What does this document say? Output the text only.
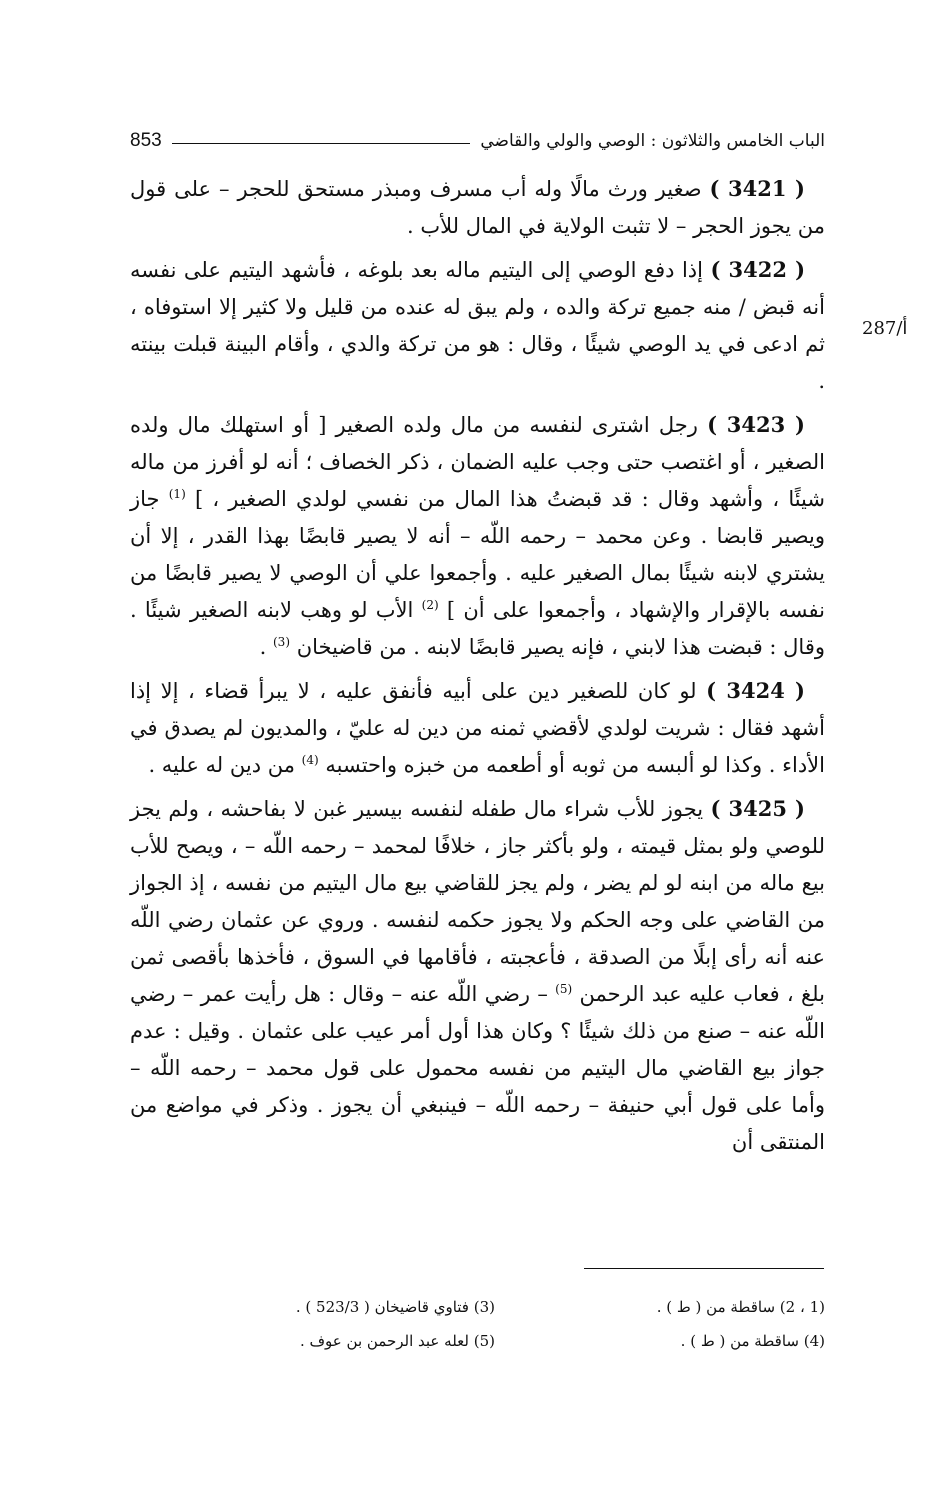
الباب الخامس والثلاثون : الوصي والولي والقاضي
853
287/أ

( 3421 ) صغير ورث مالًا وله أب مسرف ومبذر مستحق للحجر – على قول من يجوز الحجر – لا تثبت الولاية في المال للأب .

( 3422 ) إذا دفع الوصي إلى اليتيم ماله بعد بلوغه ، فأشهد اليتيم على نفسه أنه قبض / منه جميع تركة والده ، ولم يبق له عنده من قليل ولا كثير إلا استوفاه ، ثم ادعى في يد الوصي شيئًا ، وقال : هو من تركة والدي ، وأقام البينة قبلت بينته .

( 3423 ) رجل اشترى لنفسه من مال ولده الصغير [ أو استهلك مال ولده الصغير ، أو اغتصب حتى وجب عليه الضمان ، ذكر الخصاف ؛ أنه لو أفرز من ماله شيئًا ، وأشهد وقال : قد قبضتُ هذا المال من نفسي لولدي الصغير ، ] $^{(1)}$ جاز ويصير قابضا . وعن محمد – رحمه اللّه – أنه لا يصير قابضًا بهذا القدر ، إلا أن يشتري لابنه شيئًا بمال الصغير عليه . وأجمعوا علي أن الوصي لا يصير قابضًا من نفسه بالإقرار والإشهاد ، وأجمعوا على أن ] $^{(2)}$ الأب لو وهب لابنه الصغير شيئًا . وقال : قبضت هذا لابني ، فإنه يصير قابضًا لابنه . من قاضيخان $^{(3)}$ .

( 3424 ) لو كان للصغير دين على أبيه فأنفق عليه ، لا يبرأ قضاء ، إلا إذا أشهد فقال : شريت لولدي لأقضي ثمنه من دين له عليّ ، والمديون لم يصدق في الأداء . وكذا لو ألبسه من ثوبه أو أطعمه من خبزه واحتسبه $^{(4)}$ من دين له عليه .

( 3425 ) يجوز للأب شراء مال طفله لنفسه بيسير غبن لا بفاحشه ، ولم يجز للوصي ولو بمثل قيمته ، ولو بأكثر جاز ، خلافًا لمحمد – رحمه اللّه – ، ويصح للأب بيع ماله من ابنه لو لم يضر ، ولم يجز للقاضي بيع مال اليتيم من نفسه ، إذ الجواز من القاضي على وجه الحكم ولا يجوز حكمه لنفسه . وروي عن عثمان رضي اللّه عنه أنه رأى إبلًا من الصدقة ، فأعجبته ، فأقامها في السوق ، فأخذها بأقصى ثمن بلغ ، فعاب عليه عبد الرحمن $^{(5)}$ – رضي اللّه عنه – وقال : هل رأيت عمر – رضي اللّه عنه – صنع من ذلك شيئًا ؟ وكان هذا أول أمر عيب على عثمان . وقيل : عدم جواز بيع القاضي مال اليتيم من نفسه محمول على قول محمد – رحمه اللّه – وأما على قول أبي حنيفة – رحمه اللّه – فينبغي أن يجوز . وذكر في مواضع من المنتقى أن

(1 ، 2) ساقطة من ( ط ) .
(3) فتاوي قاضيخان ( 523/3 ) .
(4) ساقطة من ( ط ) .
(5) لعله عبد الرحمن بن عوف .
